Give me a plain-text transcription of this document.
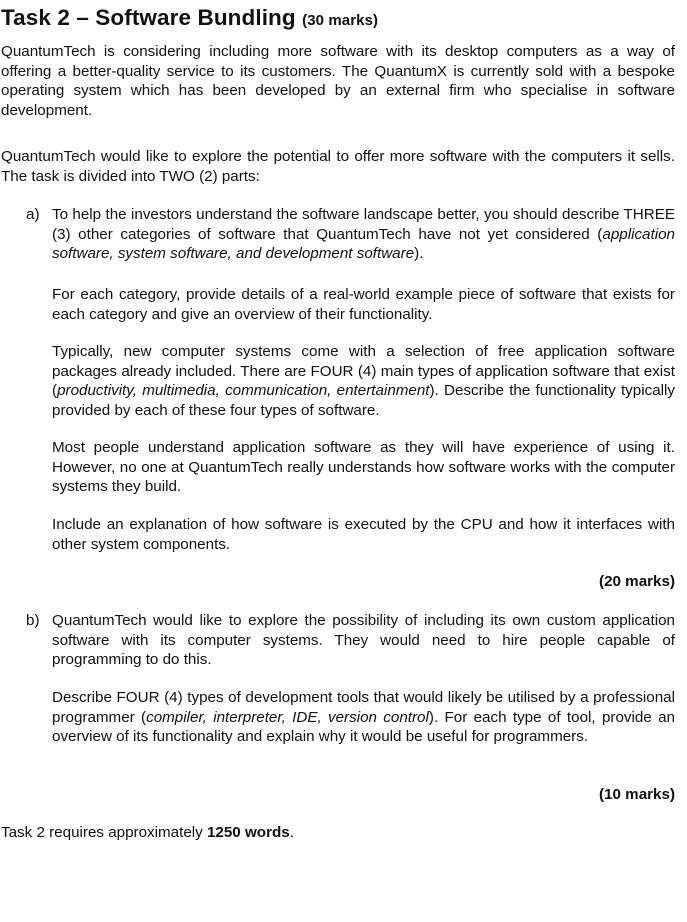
Task 2 – Software Bundling (30 marks)
QuantumTech is considering including more software with its desktop computers as a way of offering a better-quality service to its customers. The QuantumX is currently sold with a bespoke operating system which has been developed by an external firm who specialise in software development.
QuantumTech would like to explore the potential to offer more software with the computers it sells. The task is divided into TWO (2) parts:
a) To help the investors understand the software landscape better, you should describe THREE (3) other categories of software that QuantumTech have not yet considered (application software, system software, and development software).
For each category, provide details of a real-world example piece of software that exists for each category and give an overview of their functionality.
Typically, new computer systems come with a selection of free application software packages already included. There are FOUR (4) main types of application software that exist (productivity, multimedia, communication, entertainment). Describe the functionality typically provided by each of these four types of software.
Most people understand application software as they will have experience of using it. However, no one at QuantumTech really understands how software works with the computer systems they build.
Include an explanation of how software is executed by the CPU and how it interfaces with other system components.
(20 marks)
b) QuantumTech would like to explore the possibility of including its own custom application software with its computer systems. They would need to hire people capable of programming to do this.
Describe FOUR (4) types of development tools that would likely be utilised by a professional programmer (compiler, interpreter, IDE, version control). For each type of tool, provide an overview of its functionality and explain why it would be useful for programmers.
(10 marks)
Task 2 requires approximately 1250 words.
